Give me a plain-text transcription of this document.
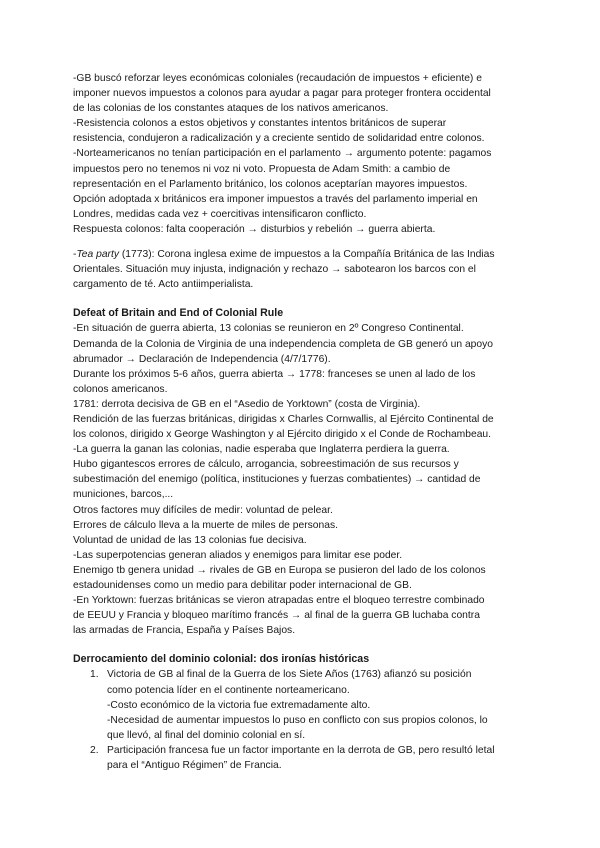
-GB buscó reforzar leyes económicas coloniales (recaudación de impuestos + eficiente) e
imponer nuevos impuestos a colonos para ayudar a pagar para proteger frontera occidental
de las colonias de los constantes ataques de los nativos americanos.
-Resistencia colonos a estos objetivos y constantes intentos británicos de superar
resistencia, condujeron a radicalización y a creciente sentido de solidaridad entre colonos.
-Norteamericanos no tenían participación en el parlamento → argumento potente: pagamos
impuestos pero no tenemos ni voz ni voto. Propuesta de Adam Smith: a cambio de
representación en el Parlamento británico, los colonos aceptarían mayores impuestos.
Opción adoptada x británicos era imponer impuestos a través del parlamento imperial en
Londres, medidas cada vez + coercitivas intensificaron conflicto.
Respuesta colonos: falta cooperación → disturbios y rebelión → guerra abierta.
-Tea party (1773): Corona inglesa exime de impuestos a la Compañía Británica de las Indias
Orientales. Situación muy injusta, indignación y rechazo → sabotearon los barcos con el
cargamento de té. Acto antiimperialista.
Defeat of Britain and End of Colonial Rule
-En situación de guerra abierta, 13 colonias se reunieron en 2º Congreso Continental.
Demanda de la Colonia de Virginia de una independencia completa de GB generó un apoyo
abrumador → Declaración de Independencia (4/7/1776).
Durante los próximos 5-6 años, guerra abierta → 1778: franceses se unen al lado de los
colonos americanos.
1781: derrota decisiva de GB en el “Asedio de Yorktown” (costa de Virginia).
Rendición de las fuerzas británicas, dirigidas x Charles Cornwallis, al Ejército Continental de
los colonos, dirigido x George Washington y al Ejército dirigido x el Conde de Rochambeau.
-La guerra la ganan las colonias, nadie esperaba que Inglaterra perdiera la guerra.
Hubo gigantescos errores de cálculo, arrogancia, sobreestimación de sus recursos y
subestimación del enemigo (política, instituciones y fuerzas combatientes) → cantidad de
municiones, barcos,...
Otros factores muy difíciles de medir: voluntad de pelear.
Errores de cálculo lleva a la muerte de miles de personas.
Voluntad de unidad de las 13 colonias fue decisiva.
-Las superpotencias generan aliados y enemigos para limitar ese poder.
Enemigo tb genera unidad → rivales de GB en Europa se pusieron del lado de los colonos
estadounidenses como un medio para debilitar poder internacional de GB.
-En Yorktown: fuerzas británicas se vieron atrapadas entre el bloqueo terrestre combinado
de EEUU y Francia y bloqueo marítimo francés → al final de la guerra GB luchaba contra
las armadas de Francia, España y Países Bajos.
Derrocamiento del dominio colonial: dos ironías históricas
1. Victoria de GB al final de la Guerra de los Siete Años (1763) afianzó su posición
como potencia líder en el continente norteamericano.
-Costo económico de la victoria fue extremadamente alto.
-Necesidad de aumentar impuestos lo puso en conflicto con sus propios colonos, lo
que llevó, al final del dominio colonial en sí.
2. Participación francesa fue un factor importante en la derrota de GB, pero resultó letal
para el “Antiguo Régimen” de Francia.
